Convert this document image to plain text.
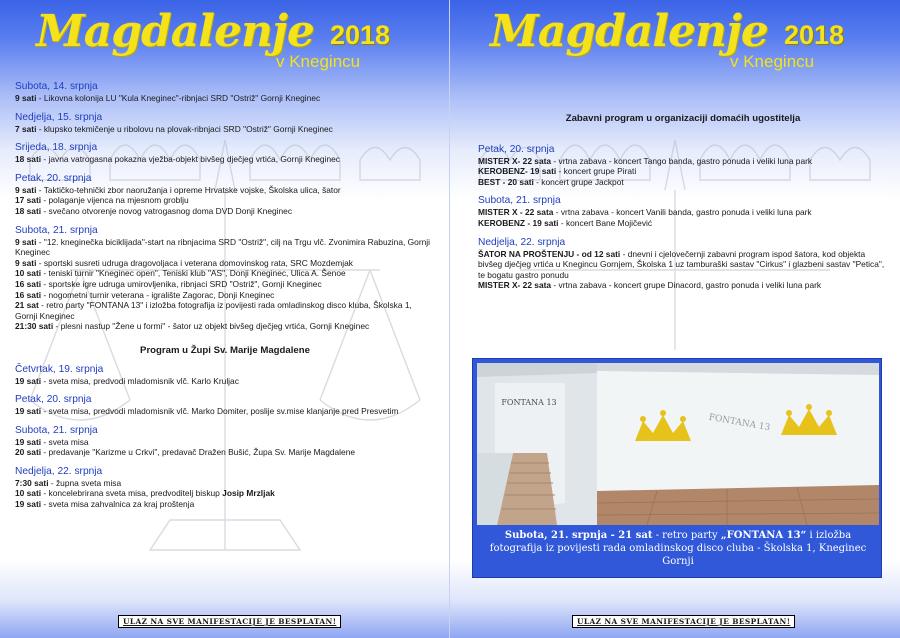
Magdalenje 2018
v Knegincu
Subota, 14. srpnja
9 sati - Likovna kolonija LU "Kula Kneginec"-ribnjaci SRD "Ostriž" Gornji Kneginec
Nedjelja, 15. srpnja
7 sati - klupsko tekmičenje u ribolovu na plovak-ribnjaci SRD "Ostriž" Gornji Kneginec
Srijeda, 18. srpnja
18 sati - javna vatrogasna pokazna vježba-objekt bivšeg dječjeg vrtića, Gornji Kneginec
Petak, 20. srpnja
9 sati - Taktičko-tehnički zbor naoružanja i opreme Hrvatske vojske, Školska ulica, šator
17 sati - polaganje vijenca na mjesnom groblju
18 sati - svečano otvorenje novog vatrogasnog doma DVD Donji Kneginec
Subota, 21. srpnja
9 sati - "12. kneginečka biciklijada"-start na ribnjacima SRD "Ostriž", cilj na Trgu vlč. Zvonimira Rabuzina, Gornji Kneginec
9 sati - sportski susreti udruga dragovoljaca i veterana domovinskog rata, SRC Mozdemjak
10 sati - teniski turnir "Kneginec open", Teniski klub "AS", Donji Kneginec, Ulica A. Šenoe
16 sati - sportske igre udruga umirovljenika, ribnjaci SRD "Ostriž", Gornji Kneginec
16 sati - nogometni turnir veterana - igralište Zagorac, Donji Kneginec
21 sat - retro party "FONTANA 13" i izložba fotografija iz povijesti rada omladinskog disco kluba, Školska 1, Gornji Kneginec
21:30 sati - plesni nastup "Žene u formi" - šator uz objekt bivšeg dječjeg vrtića, Gornji Kneginec
Program u Župi Sv. Marije Magdalene
Četvrtak, 19. srpnja
19 sati - sveta misa, predvodi mladomisnik vlč. Karlo Kruljac
Petak, 20. srpnja
19 sati - sveta misa, predvodi mladomisnik vlč. Marko Domiter, poslije sv.mise klanjanje pred Presvetim
Subota, 21. srpnja
19 sati - sveta misa
20 sati - predavanje "Karizme u Crkvi", predavač Dražen Bušić, Župa Sv. Marije Magdalene
Nedjelja, 22. srpnja
7:30 sati - župna sveta misa
10 sati - koncelebrirana sveta misa, predvoditelj biskup Josip Mrzljak
19 sati - sveta misa zahvalnica za kraj proštenja
ULAZ NA SVE MANIFESTACIJE JE BESPLATAN!
Magdalenje 2018
v Knegincu
Zabavni program u organizaciji domaćih ugostitelja
Petak, 20. srpnja
MISTER X- 22 sata - vrtna zabava - koncert Tango banda, gastro ponuda i veliki luna park
KEROBENZ- 19 sati - koncert grupe Pirati
BEST - 20 sati - koncert grupe Jackpot
Subota, 21. srpnja
MISTER X - 22 sata - vrtna zabava - koncert Vanili banda, gastro ponuda i veliki luna park
KEROBENZ - 19 sati - koncert Bane Mojičević
Nedjelja, 22. srpnja
ŠATOR NA PROŠTENJU - od 12 sati - dnevni i cjelovečernji zabavni program ispod šatora, kod objekta bivšeg dječjeg vrtića u Knegincu Gornjem, Školska 1 uz tamburaški sastav "Cirkus" i glazbeni sastav "Petica", te bogatu gastro ponudu
MISTER X- 22 sata - vrtna zabava - koncert grupe Dinacord, gastro ponuda i veliki luna park
FONTANA 13
FONTANA 13
Subota, 21. srpnja - 21 sat - retro party „FONTANA 13“ i izložba fotografija iz povijesti rada omladinskog disco cluba - Školska 1, Kneginec Gornji
ULAZ NA SVE MANIFESTACIJE JE BESPLATAN!
